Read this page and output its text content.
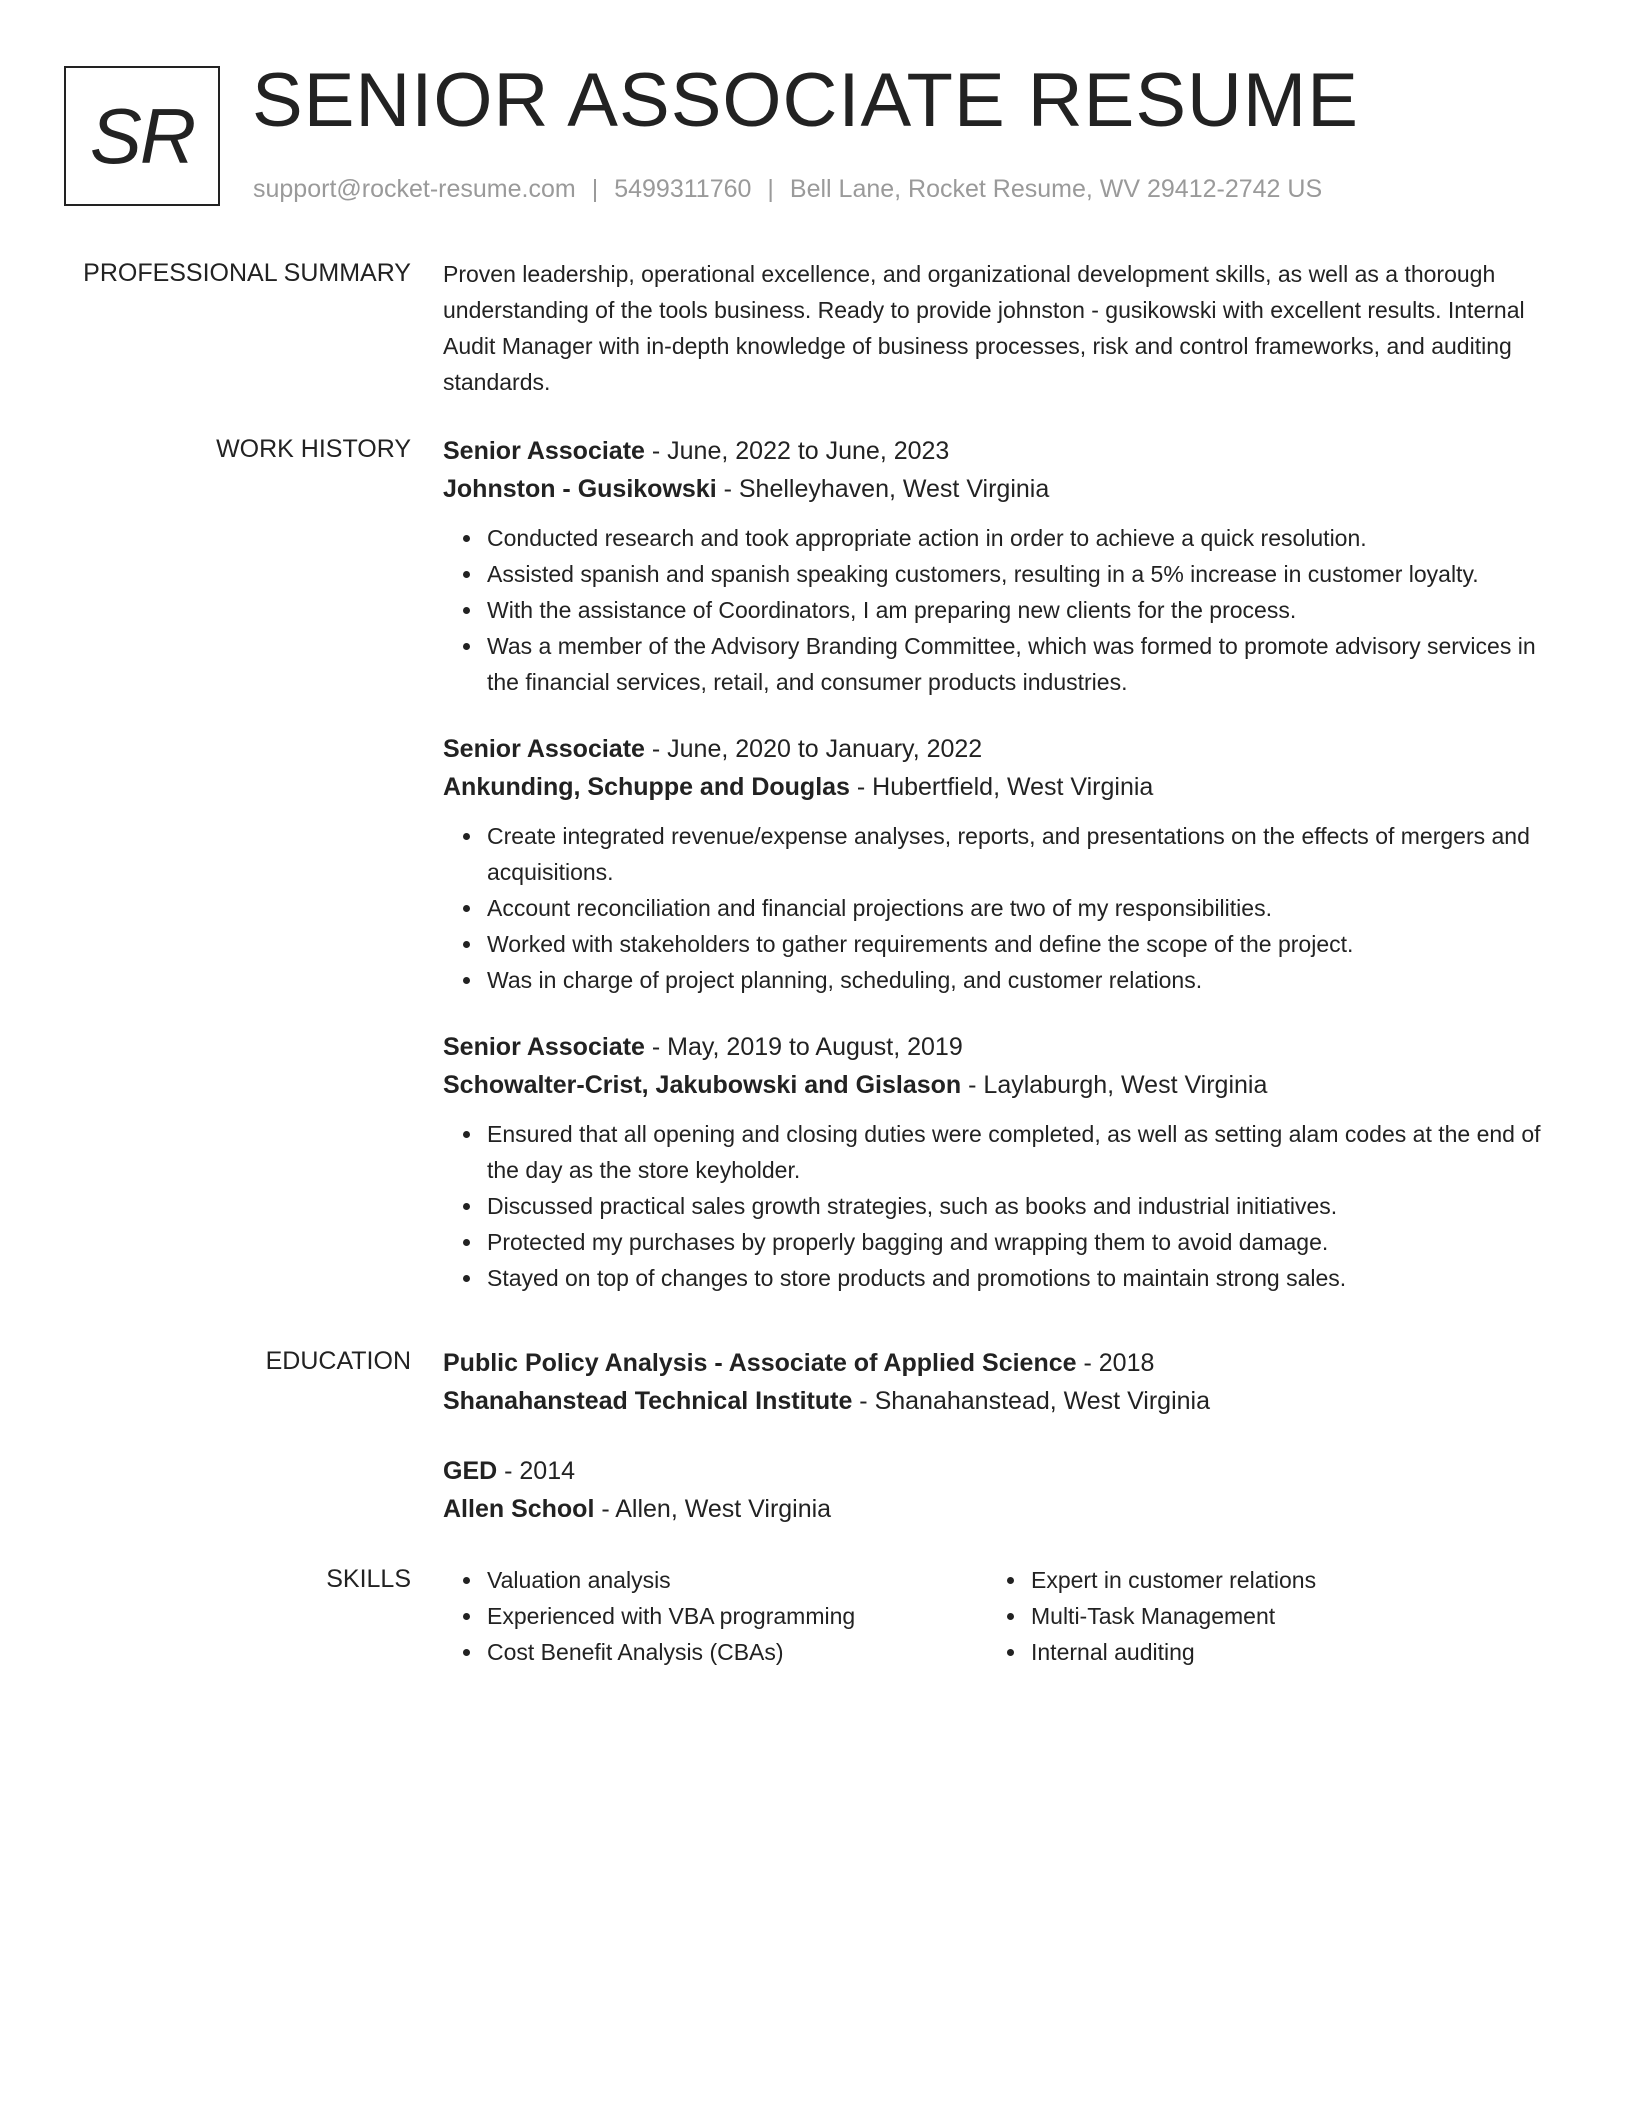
SR SENIOR ASSOCIATE RESUME
support@rocket-resume.com | 5499311760 | Bell Lane, Rocket Resume, WV 29412-2742 US
PROFESSIONAL SUMMARY Proven leadership, operational excellence, and organizational development skills, as well as a thorough understanding of the tools business. Ready to provide johnston - gusikowski with excellent results. Internal Audit Manager with in-depth knowledge of business processes, risk and control frameworks, and auditing standards.

WORK HISTORY Senior Associate - June, 2022 to June, 2023
Johnston - Gusikowski - Shelleyhaven, West Virginia
Conducted research and took appropriate action in order to achieve a quick resolution.
Assisted spanish and spanish speaking customers, resulting in a 5% increase in customer loyalty.
With the assistance of Coordinators, I am preparing new clients for the process.
Was a member of the Advisory Branding Committee, which was formed to promote advisory services in the financial services, retail, and consumer products industries.
Senior Associate - June, 2020 to January, 2022
Ankunding, Schuppe and Douglas - Hubertfield, West Virginia
Create integrated revenue/expense analyses, reports, and presentations on the effects of mergers and acquisitions.
Account reconciliation and financial projections are two of my responsibilities.
Worked with stakeholders to gather requirements and define the scope of the project.
Was in charge of project planning, scheduling, and customer relations.
Senior Associate - May, 2019 to August, 2019
Schowalter-Crist, Jakubowski and Gislason - Laylaburgh, West Virginia
Ensured that all opening and closing duties were completed, as well as setting alam codes at the end of the day as the store keyholder.
Discussed practical sales growth strategies, such as books and industrial initiatives.
Protected my purchases by properly bagging and wrapping them to avoid damage.
Stayed on top of changes to store products and promotions to maintain strong sales.
EDUCATION Public Policy Analysis - Associate of Applied Science - 2018
Shanahanstead Technical Institute - Shanahanstead, West Virginia
GED - 2014
Allen School - Allen, West Virginia
SKILLS	Valuation analysis
Experienced with VBA programming
Cost Benefit Analysis (CBAs)
Expert in customer relations
Multi-Task Management
Internal auditing
